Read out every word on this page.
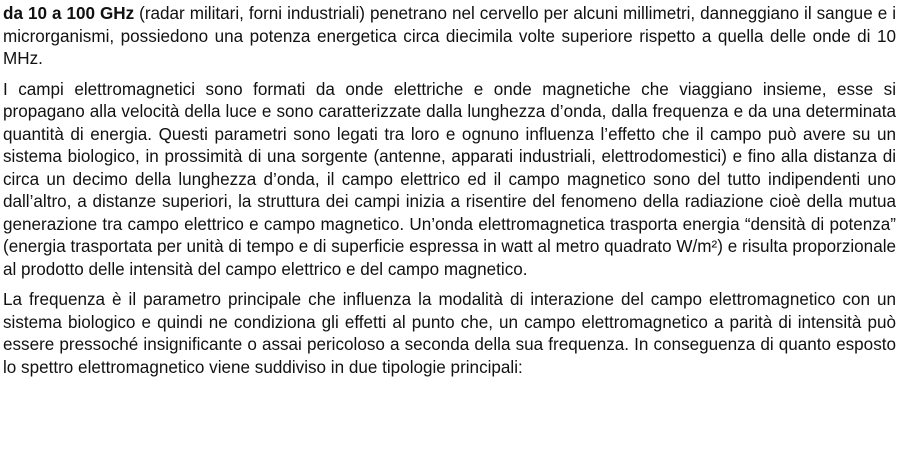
da 10 a 100 GHz (radar militari, forni industriali) penetrano nel cervello per alcuni millimetri, danneggiano il sangue e i microrganismi, possiedono una potenza energetica circa diecimila volte superiore rispetto a quella delle onde di 10 MHz.

I campi elettromagnetici sono formati da onde elettriche e onde magnetiche che viaggiano insieme, esse si propagano alla velocità della luce e sono caratterizzate dalla lunghezza d’onda, dalla frequenza e da una determinata quantità di energia. Questi parametri sono legati tra loro e ognuno influenza l’effetto che il campo può avere su un sistema biologico, in prossimità di una sorgente (antenne, apparati industriali, elettrodomestici) e fino alla distanza di circa un decimo della lunghezza d’onda, il campo elettrico ed il campo magnetico sono del tutto indipendenti uno dall’altro, a distanze superiori, la struttura dei campi inizia a risentire del fenomeno della radiazione cioè della mutua generazione tra campo elettrico e campo magnetico. Un’onda elettromagnetica trasporta energia “densità di potenza” (energia trasportata per unità di tempo e di superficie espressa in watt al metro quadrato W/m²) e risulta proporzionale al prodotto delle intensità del campo elettrico e del campo magnetico.

La frequenza è il parametro principale che influenza la modalità di interazione del campo elettromagnetico con un sistema biologico e quindi ne condiziona gli effetti al punto che, un campo elettromagnetico a parità di intensità può essere pressoché insignificante o assai pericoloso a seconda della sua frequenza. In conseguenza di quanto esposto lo spettro elettromagnetico viene suddiviso in due tipologie principali:
